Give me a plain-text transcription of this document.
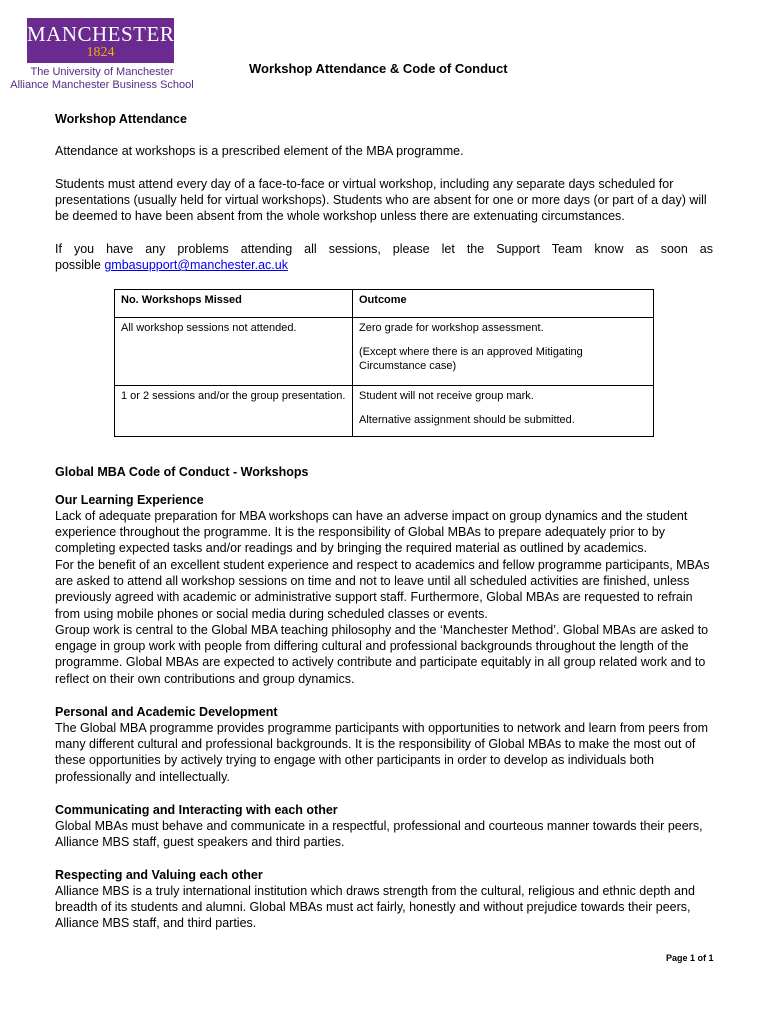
MANCHESTER
1824
The University of Manchester
Alliance Manchester Business School
Workshop Attendance & Code of Conduct
Workshop Attendance
Attendance at workshops is a prescribed element of the MBA programme.
Students must attend every day of a face-to-face or virtual workshop, including any separate days scheduled for presentations (usually held for virtual workshops). Students who are absent for one or more days (or part of a day) will be deemed to have been absent from the whole workshop unless there are extenuating circumstances.
If you have any problems attending all sessions, please let the Support Team know as soon as possible gmbasupport@manchester.ac.uk
No. Workshops Missed	Outcome
All workshop sessions not attended.	Zero grade for workshop assessment.

(Except where there is an approved Mitigating Circumstance case)

1 or 2 sessions and/or the group presentation.	Student will not receive group mark.

Alternative assignment should be submitted.

Global MBA Code of Conduct - Workshops
Our Learning Experience
Lack of adequate preparation for MBA workshops can have an adverse impact on group dynamics and the student experience throughout the programme. It is the responsibility of Global MBAs to prepare adequately prior to by completing expected tasks and/or readings and by bringing the required material as outlined by academics.
For the benefit of an excellent student experience and respect to academics and fellow programme participants, MBAs are asked to attend all workshop sessions on time and not to leave until all scheduled activities are finished, unless previously agreed with academic or administrative support staff. Furthermore, Global MBAs are requested to refrain from using mobile phones or social media during scheduled classes or events.
Group work is central to the Global MBA teaching philosophy and the ‘Manchester Method’. Global MBAs are asked to engage in group work with people from differing cultural and professional backgrounds throughout the length of the programme. Global MBAs are expected to actively contribute and participate equitably in all group related work and to reflect on their own contributions and group dynamics.
Personal and Academic Development
The Global MBA programme provides programme participants with opportunities to network and learn from peers from many different cultural and professional backgrounds. It is the responsibility of Global MBAs to make the most out of these opportunities by actively trying to engage with other participants in order to develop as individuals both professionally and intellectually.
Communicating and Interacting with each other
Global MBAs must behave and communicate in a respectful, professional and courteous manner towards their peers, Alliance MBS staff, guest speakers and third parties.
Respecting and Valuing each other
Alliance MBS is a truly international institution which draws strength from the cultural, religious and ethnic depth and breadth of its students and alumni. Global MBAs must act fairly, honestly and without prejudice towards their peers, Alliance MBS staff, and third parties.
Page 1 of 1
